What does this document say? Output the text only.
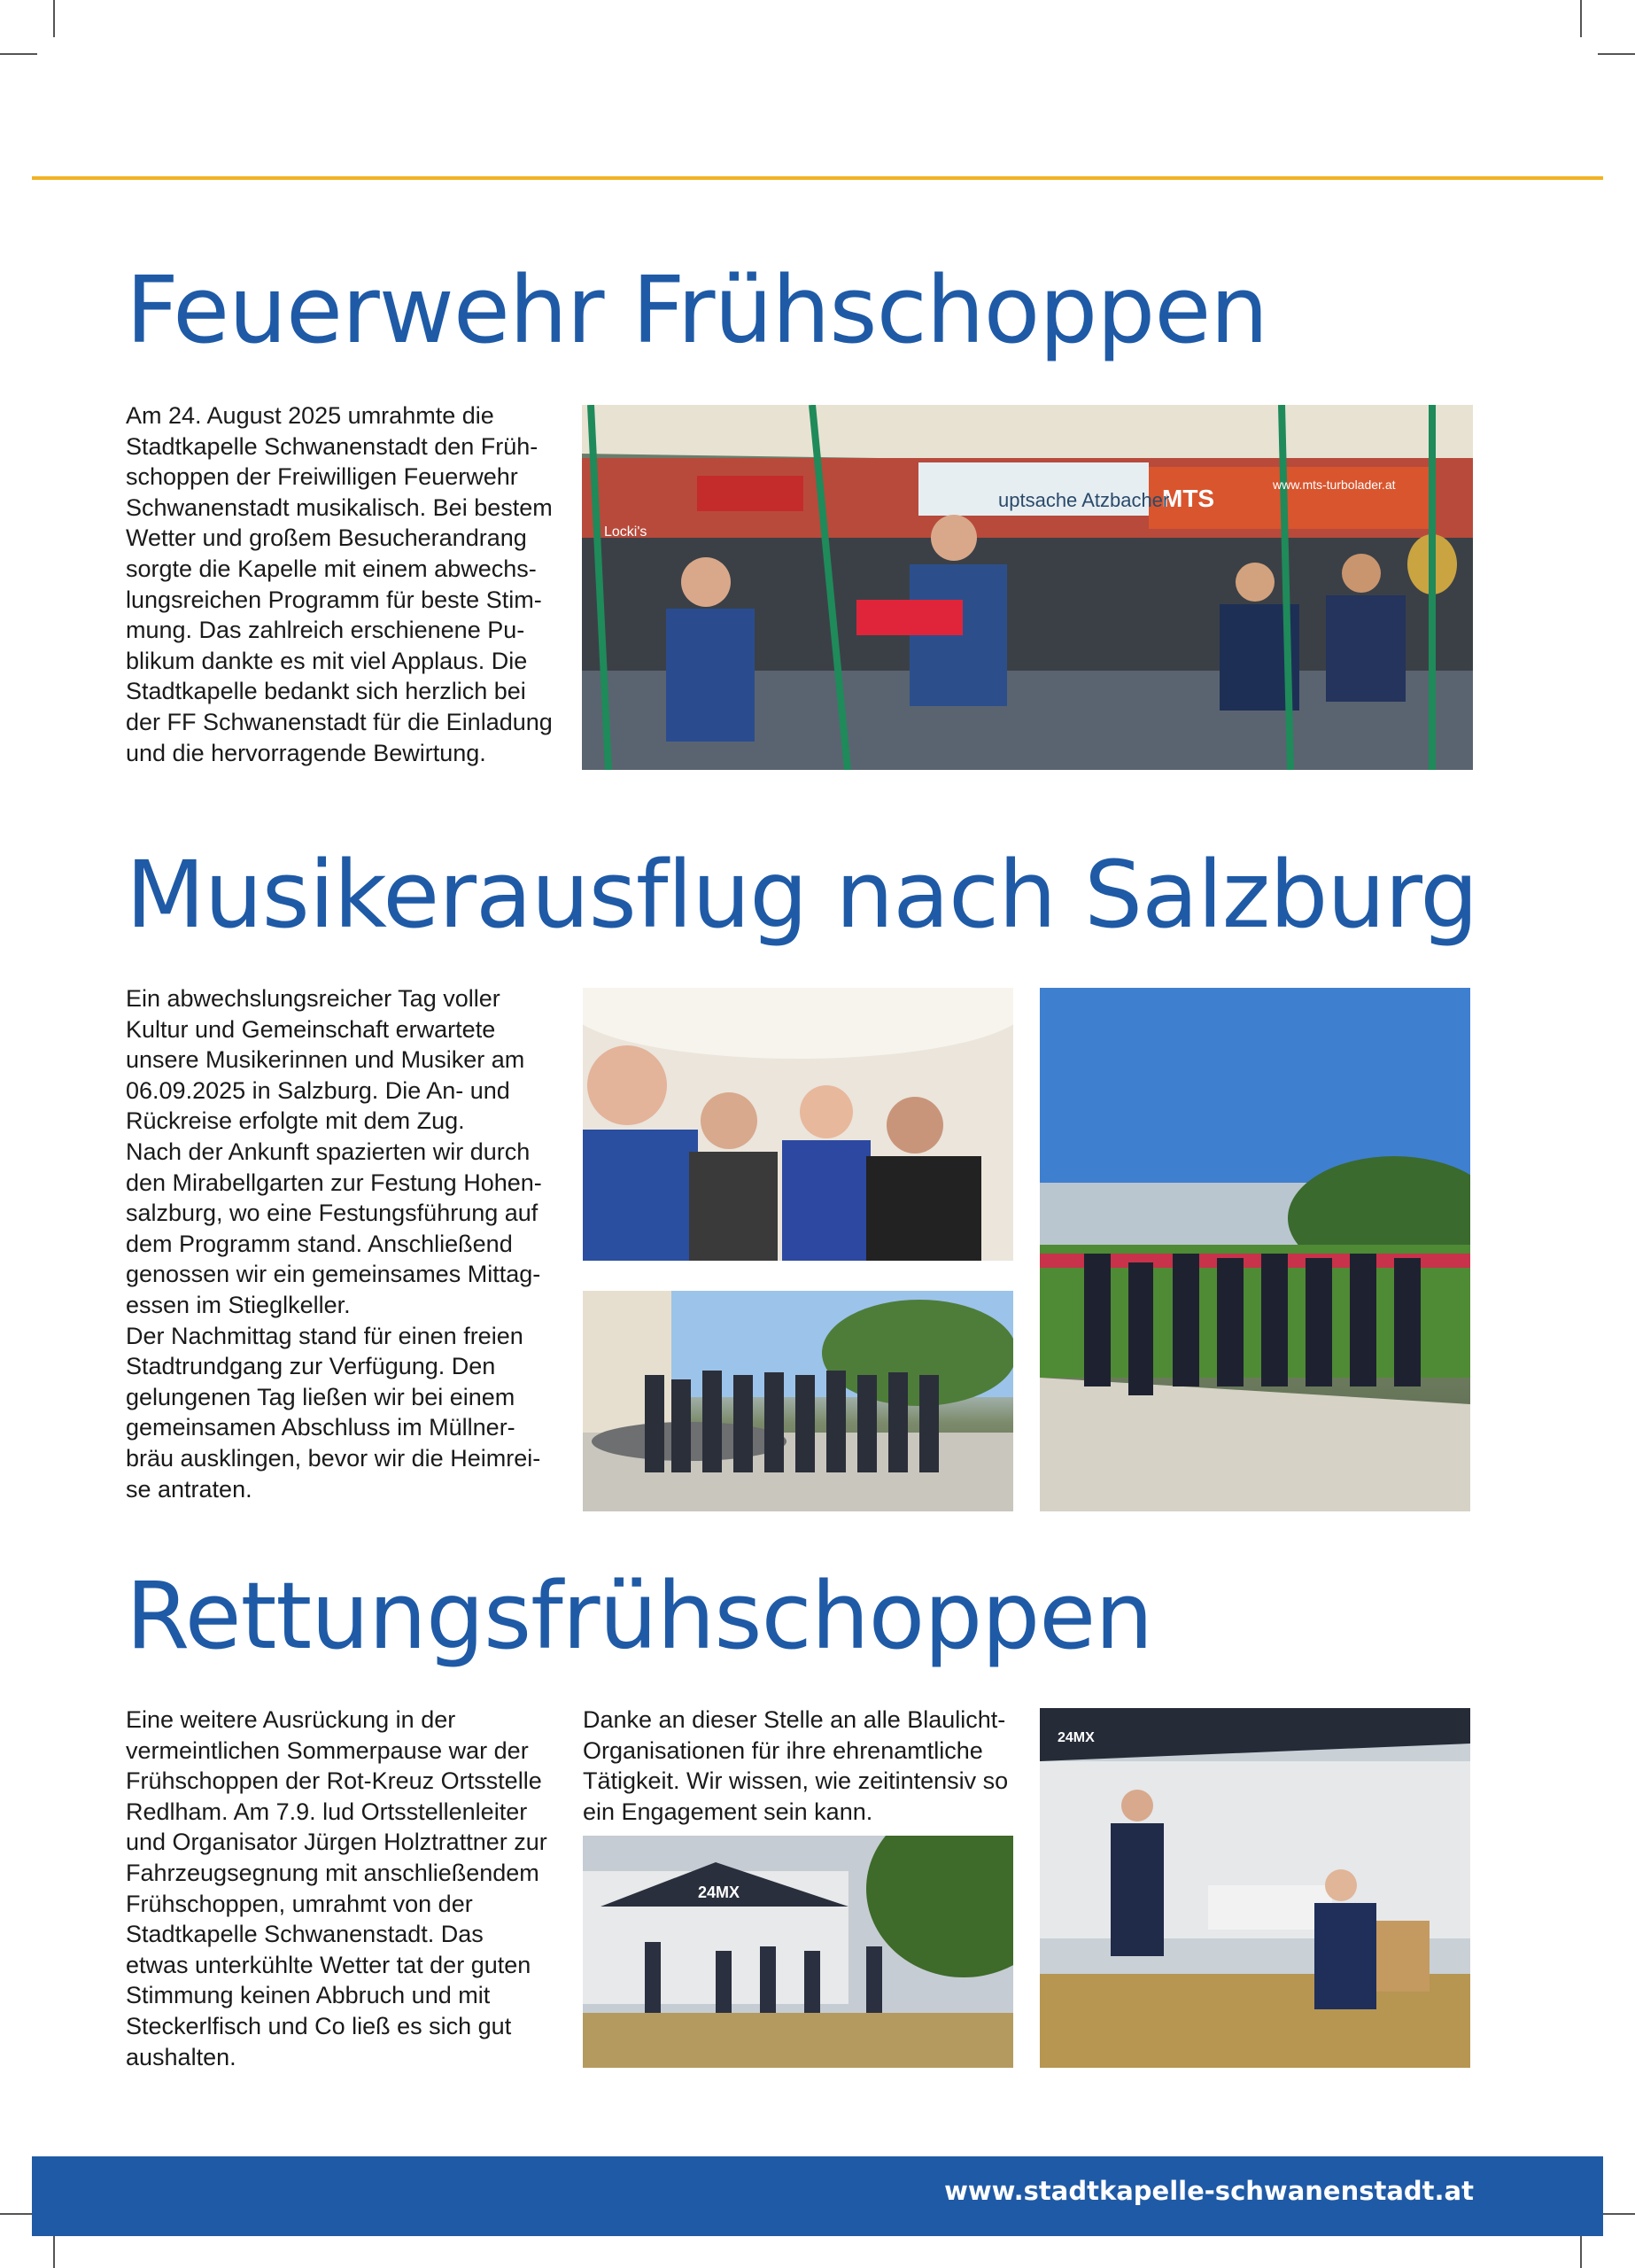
Feuerwehr Frühschoppen

Am 24. August 2025 umrahmte die
Stadtkapelle Schwanenstadt den Früh-
schoppen der Freiwilligen Feuerwehr
Schwanenstadt musikalisch. Bei bestem
Wetter und großem Besucherandrang
sorgte die Kapelle mit einem abwechs-
lungsreichen Programm für beste Stim-
mung. Das zahlreich erschienene Pu-
blikum dankte es mit viel Applaus. Die
Stadtkapelle bedankt sich herzlich bei
der FF Schwanenstadt für die Einladung
und die hervorragende Bewirtung.

Locki's
MTS
uptsache Atzbacher
www.mts-turbolader.at
Musikerausflug nach Salzburg

Ein abwechslungsreicher Tag voller
Kultur und Gemeinschaft erwartete
unsere Musikerinnen und Musiker am
06.09.2025 in Salzburg. Die An- und
Rückreise erfolgte mit dem Zug.
Nach der Ankunft spazierten wir durch
den Mirabellgarten zur Festung Hohen-
salzburg, wo eine Festungsführung auf
dem Programm stand. Anschließend
genossen wir ein gemeinsames Mittag-
essen im Stieglkeller.
Der Nachmittag stand für einen freien
Stadtrundgang zur Verfügung. Den
gelungenen Tag ließen wir bei einem
gemeinsamen Abschluss im Müllner-
bräu ausklingen, bevor wir die Heimrei-
se antraten.

Rettungsfrühschoppen

Eine weitere Ausrückung in der
vermeintlichen Sommerpause war der
Frühschoppen der Rot-Kreuz Ortsstelle
Redlham. Am 7.9. lud Ortsstellenleiter
und Organisator Jürgen Holztrattner zur
Fahrzeugsegnung mit anschließendem
Frühschoppen, umrahmt von der
Stadtkapelle Schwanenstadt. Das
etwas unterkühlte Wetter tat der guten
Stimmung keinen Abbruch und mit
Steckerlfisch und Co ließ es sich gut
aushalten.

Danke an dieser Stelle an alle Blaulicht-
Organisationen für ihre ehrenamtliche
Tätigkeit. Wir wissen, wie zeitintensiv so
ein Engagement sein kann.

24MX
24MX
www.stadtkapelle-schwanenstadt.at
